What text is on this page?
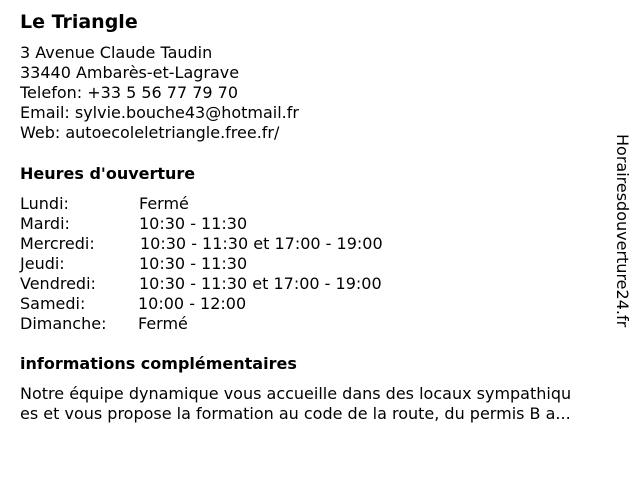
Le Triangle
3 Avenue Claude Taudin
33440 Ambarès-et-Lagrave
Telefon: +33 5 56 77 79 70
Email: sylvie.bouche43@hotmail.fr
Web: autoecoleletriangle.free.fr/
Heures d'ouverture
Lundi:	Fermé
Mardi:	10:30 - 11:30
Mercredi:	10:30 - 11:30 et 17:00 - 19:00
Jeudi:	10:30 - 11:30
Vendredi:	10:30 - 11:30 et 17:00 - 19:00
Samedi:	10:00 - 12:00
Dimanche: Fermé
informations complémentaires
Notre équipe dynamique vous accueille dans des locaux sympathiqu
es et vous propose la formation au code de la route, du permis B a...
Horairesdouverture24.fr
